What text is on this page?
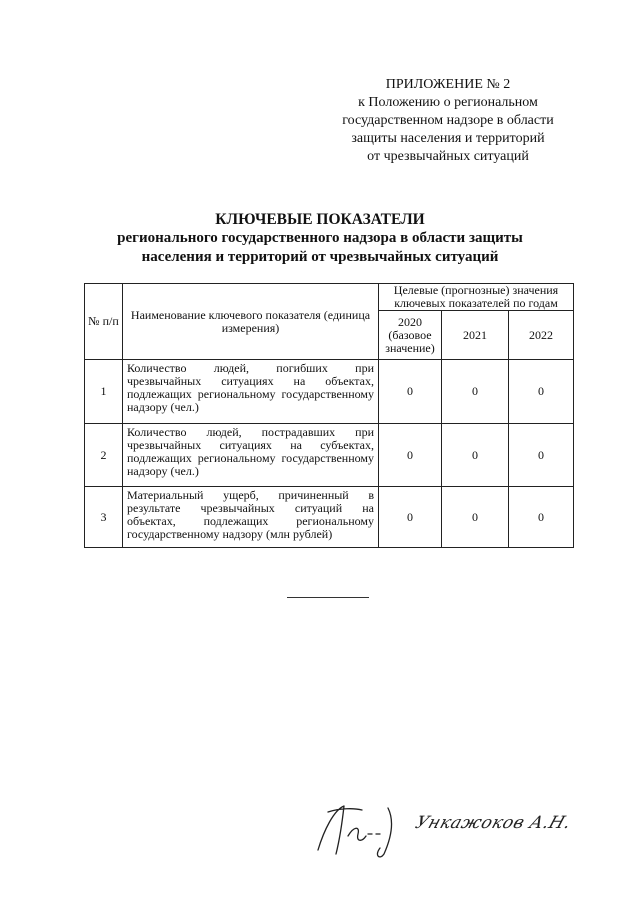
ПРИЛОЖЕНИЕ № 2
к Положению о региональном
государственном надзоре в области
защиты населения и территорий
от чрезвычайных ситуаций
КЛЮЧЕВЫЕ ПОКАЗАТЕЛИ
регионального государственного надзора в области защиты
населения и территорий от чрезвычайных ситуаций
№ п/п	Наименование ключевого показателя (единица измерения)	Целевые (прогнозные) значения ключевых показателей по годам		
		2020 (базовое значение)	2021	2022
1	Количество людей, погибших при чрезвычайных ситуациях на объектах, подлежащих региональному государственному надзору (чел.)	0	0	0
2	Количество людей, пострадавших при чрезвычайных ситуациях на субъектах, подлежащих региональному государственному надзору (чел.)	0	0	0
3	Материальный ущерб, причиненный в результате чрезвычайных ситуаций на объектах, подлежащих региональному государственному надзору (млн рублей)	0	0	0
Ункажоков А.Н.
